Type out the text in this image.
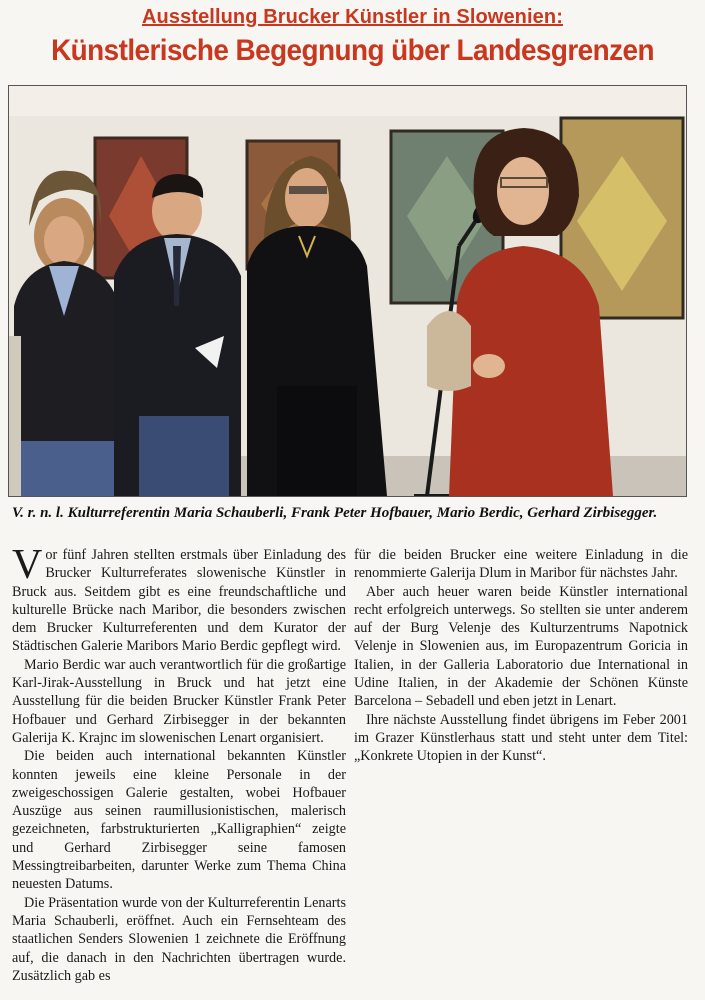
Ausstellung Brucker Künstler in Slowenien:
Künstlerische Begegnung über Landesgrenzen
V. r. n. l. Kulturreferentin Maria Schauberli, Frank Peter Hofbauer, Mario Berdic, Gerhard Zirbisegger.

Vor fünf Jahren stellten erstmals über Einladung des Brucker Kulturreferates slowenische Künstler in Bruck aus. Seitdem gibt es eine freundschaftliche und kulturelle Brücke nach Maribor, die besonders zwischen dem Brucker Kulturreferenten und dem Kurator der Städtischen Galerie Maribors Mario Berdic gepflegt wird.

Mario Berdic war auch verantwortlich für die großartige Karl-Jirak-Ausstellung in Bruck und hat jetzt eine Ausstellung für die beiden Brucker Künstler Frank Peter Hofbauer und Gerhard Zirbisegger in der bekannten Galerija K. Krajnc im slowenischen Lenart organisiert.

Die beiden auch international bekannten Künstler konnten jeweils eine kleine Personale in der zweigeschossigen Galerie gestalten, wobei Hofbauer Auszüge aus seinen raumillusionistischen, malerisch gezeichneten, farbstrukturierten „Kalligraphien“ zeigte und Gerhard Zirbisegger seine famosen Messingtreibarbeiten, darunter Werke zum Thema China neuesten Datums.

Die Präsentation wurde von der Kulturreferentin Lenarts Maria Schauberli, eröffnet. Auch ein Fernsehteam des staatlichen Senders Slowenien 1 zeichnete die Eröffnung auf, die danach in den Nachrichten übertragen wurde. Zusätzlich gab es

für die beiden Brucker eine weitere Einladung in die renommierte Galerija Dlum in Maribor für nächstes Jahr.

Aber auch heuer waren beide Künstler international recht erfolgreich unterwegs. So stellten sie unter anderem auf der Burg Velenje des Kulturzentrums Napotnick Velenje in Slowenien aus, im Europazentrum Goricia in Italien, in der Galleria Laboratorio due International in Udine Italien, in der Akademie der Schönen Künste Barcelona – Sebadell und eben jetzt in Lenart.

Ihre nächste Ausstellung findet übrigens im Feber 2001 im Grazer Künstlerhaus statt und steht unter dem Titel: „Konkrete Utopien in der Kunst“.
